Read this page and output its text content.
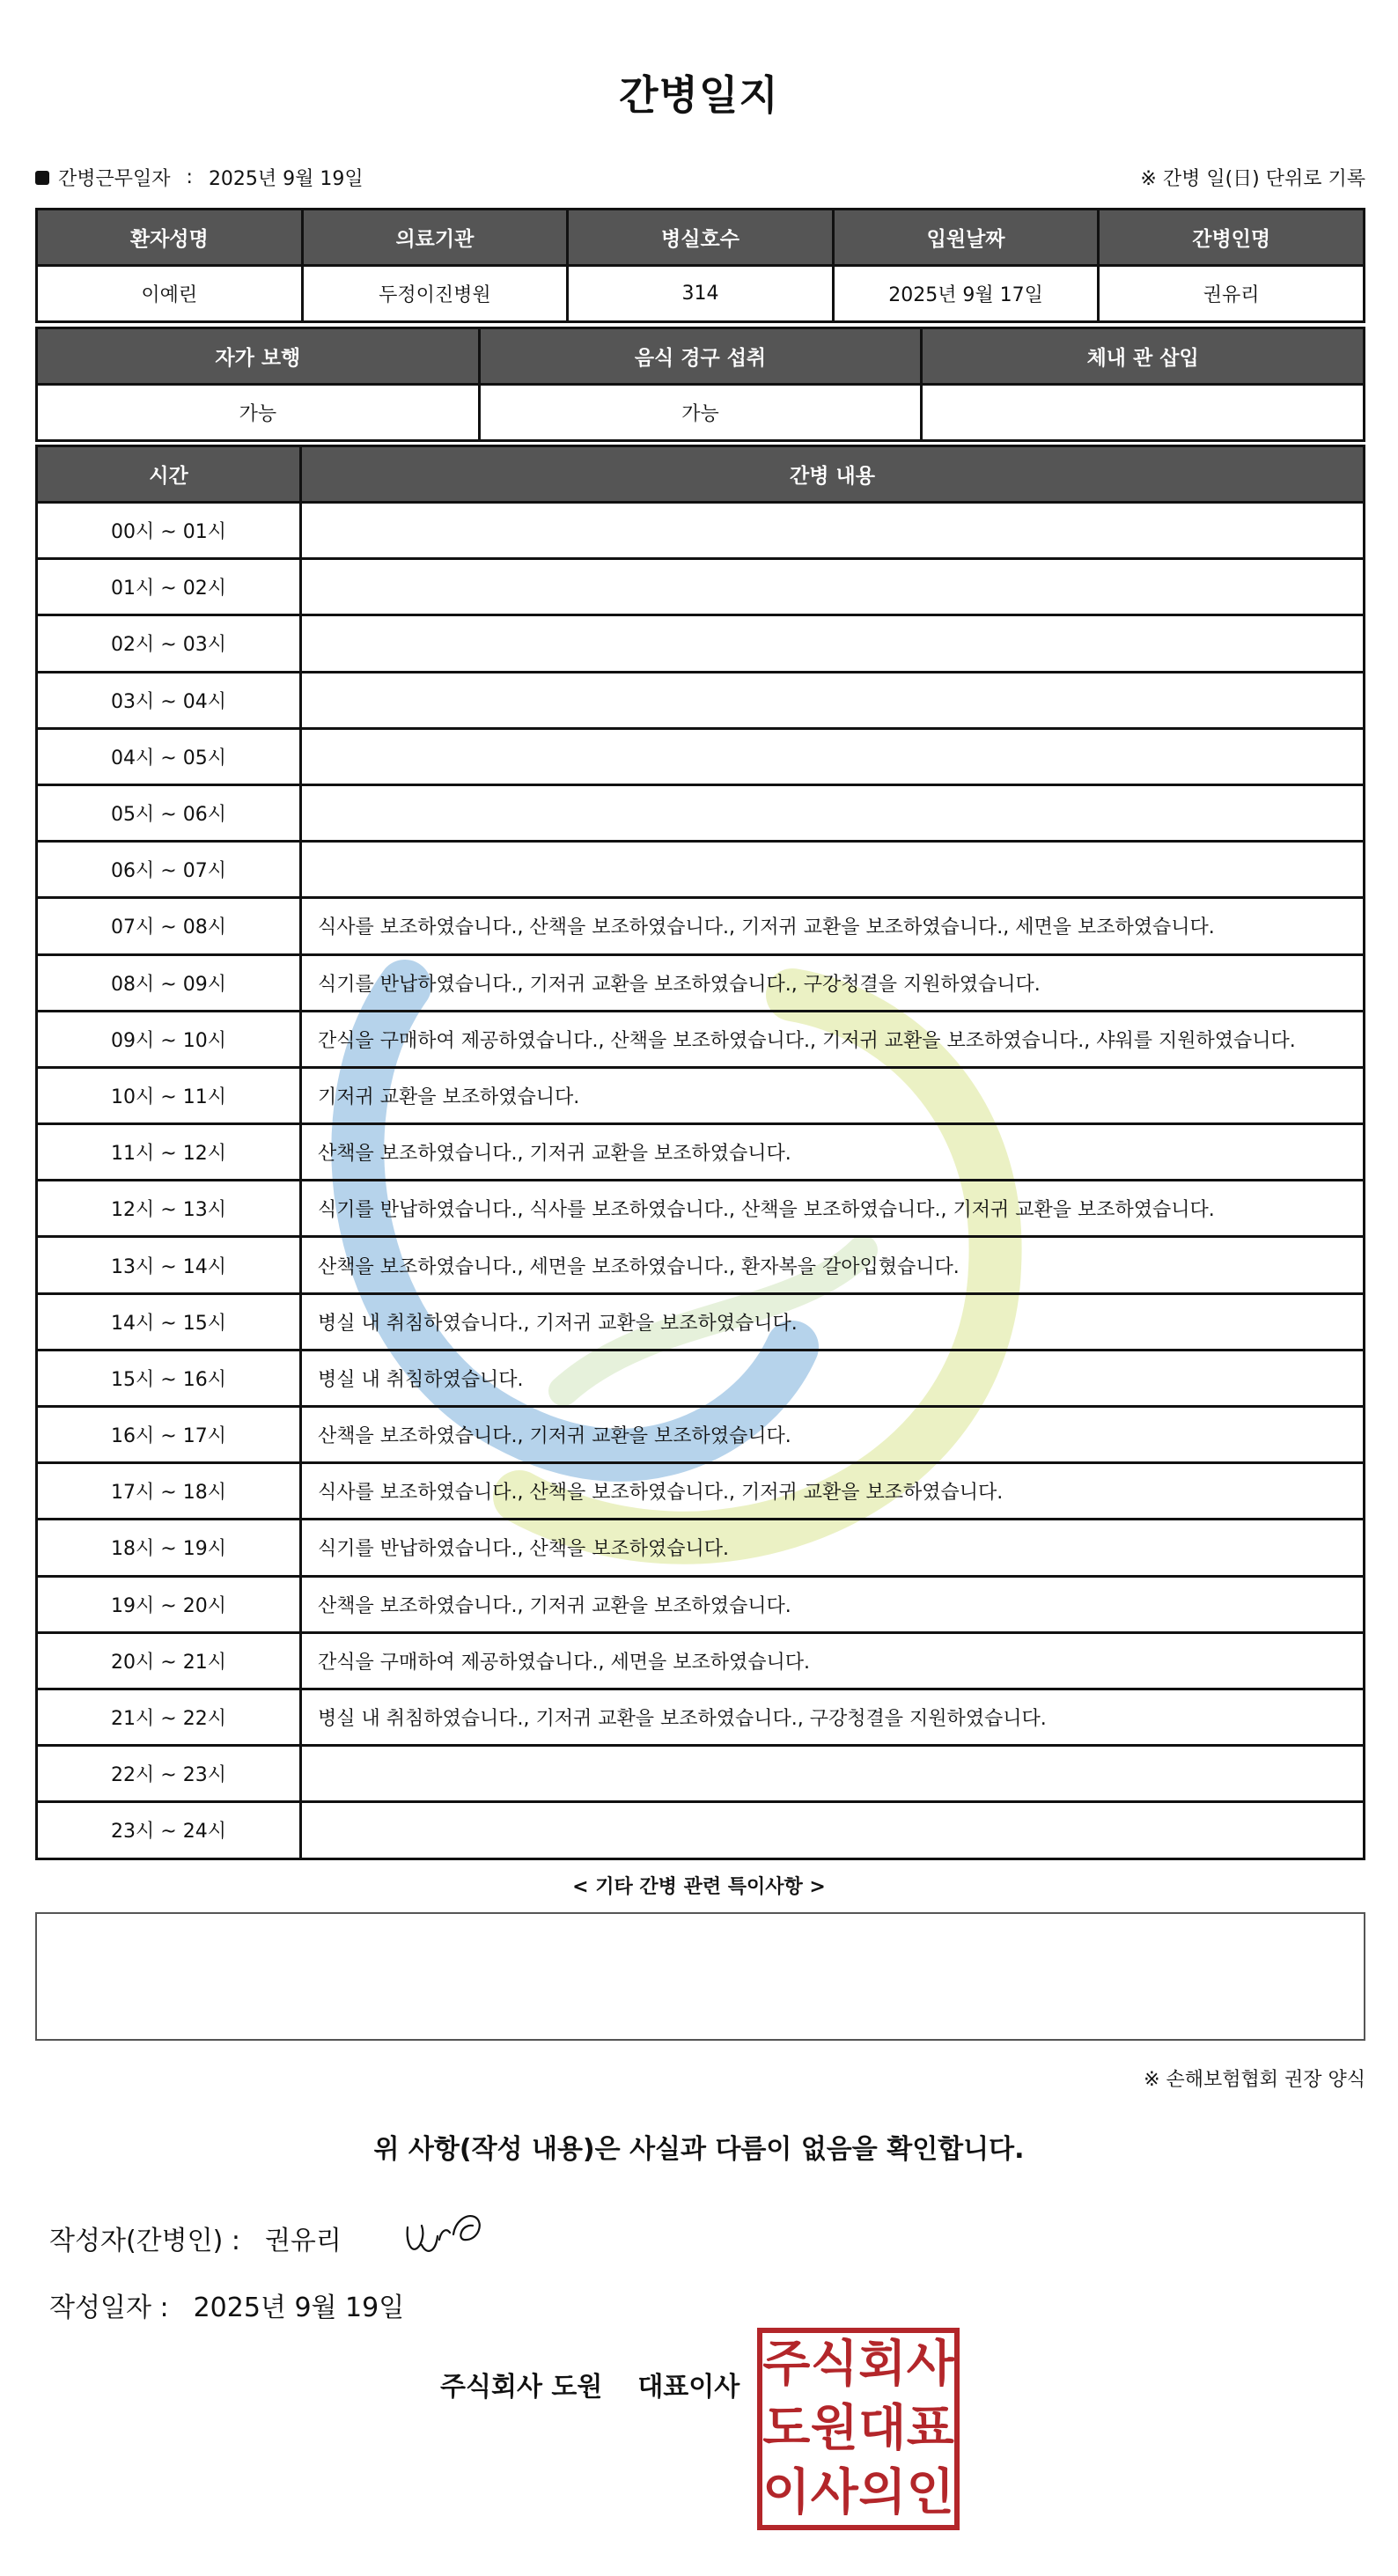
간병일지
간병근무일자 : 2025년 9월 19일	※ 간병 일(日) 단위로 기록
환자성명	의료기관	병실호수	입원날짜	간병인명
이예린	두정이진병원	314	2025년 9월 17일	권유리
자가 보행	음식 경구 섭취	체내 관 삽입
가능	가능	
시간	간병 내용
00시 ~ 01시	
01시 ~ 02시	
02시 ~ 03시	
03시 ~ 04시	
04시 ~ 05시	
05시 ~ 06시	
06시 ~ 07시	
07시 ~ 08시	식사를 보조하였습니다., 산책을 보조하였습니다., 기저귀 교환을 보조하였습니다., 세면을 보조하였습니다.
08시 ~ 09시	식기를 반납하였습니다., 기저귀 교환을 보조하였습니다., 구강청결을 지원하였습니다.
09시 ~ 10시	간식을 구매하여 제공하였습니다., 산책을 보조하였습니다., 기저귀 교환을 보조하였습니다., 샤워를 지원하였습니다.
10시 ~ 11시	기저귀 교환을 보조하였습니다.
11시 ~ 12시	산책을 보조하였습니다., 기저귀 교환을 보조하였습니다.
12시 ~ 13시	식기를 반납하였습니다., 식사를 보조하였습니다., 산책을 보조하였습니다., 기저귀 교환을 보조하였습니다.
13시 ~ 14시	산책을 보조하였습니다., 세면을 보조하였습니다., 환자복을 갈아입혔습니다.
14시 ~ 15시	병실 내 취침하였습니다., 기저귀 교환을 보조하였습니다.
15시 ~ 16시	병실 내 취침하였습니다.
16시 ~ 17시	산책을 보조하였습니다., 기저귀 교환을 보조하였습니다.
17시 ~ 18시	식사를 보조하였습니다., 산책을 보조하였습니다., 기저귀 교환을 보조하였습니다.
18시 ~ 19시	식기를 반납하였습니다., 산책을 보조하였습니다.
19시 ~ 20시	산책을 보조하였습니다., 기저귀 교환을 보조하였습니다.
20시 ~ 21시	간식을 구매하여 제공하였습니다., 세면을 보조하였습니다.
21시 ~ 22시	병실 내 취침하였습니다., 기저귀 교환을 보조하였습니다., 구강청결을 지원하였습니다.
22시 ~ 23시	
23시 ~ 24시	
< 기타 간병 관련 특이사항 >
※ 손해보험협회 권장 양식
위 사항(작성 내용)은 사실과 다름이 없음을 확인합니다.
작성자(간병인) : 권유리
작성일자 : 2025년 9월 19일
주식회사 도원 대표이사 주 식 회 사
도 원 대 표
이 사 의 인
